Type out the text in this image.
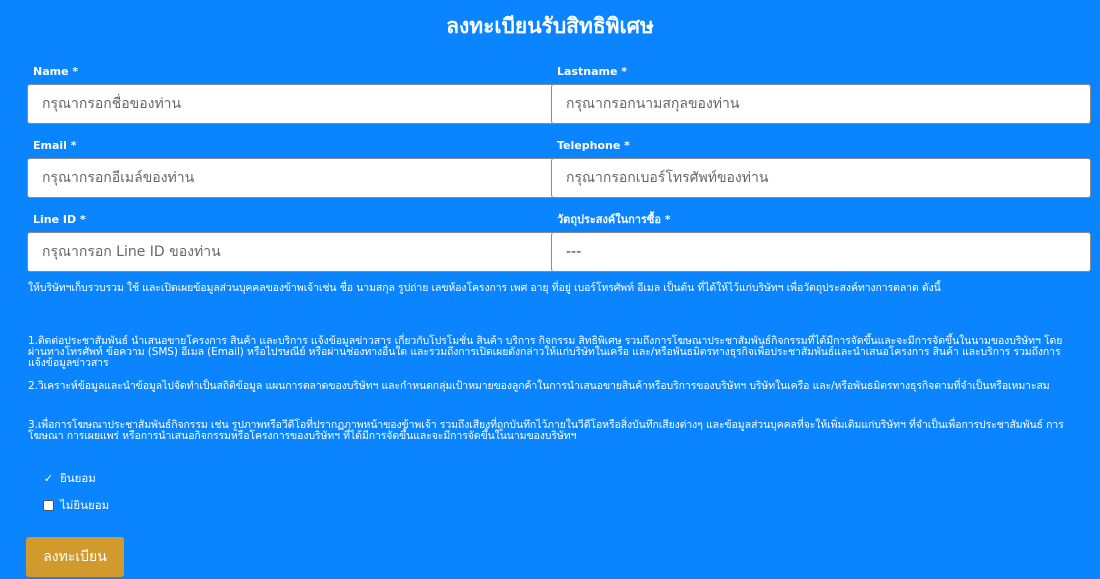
ลงทะเบียนรับสิทธิพิเศษ
Name *
กรุณากรอกชื่อของท่าน	Lastname *
กรุณากรอกนามสกุลของท่าน
Email *
กรุณากรอกอีเมล์ของท่าน	Telephone *
กรุณากรอกเบอร์โทรศัพท์ของท่าน
Line ID *
กรุณากรอก Line ID ของท่าน	วัตถุประสงค์ในการซื้อ *
---

ให้บริษัทฯเก็บรวบรวม ใช้ และเปิดเผยข้อมูลส่วนบุคคลของข้าพเจ้าเช่น ชื่อ นามสกุล รูปถ่าย เลขห้องโครงการ เพศ อายุ ที่อยู่ เบอร์โทรศัพท์ อีเมล เป็นต้น ที่ได้ให้ไว้แก่บริษัทฯ เพื่อวัตถุประสงค์ทางการตลาด ดังนี้

1.ติดต่อประชาสัมพันธ์ นำเสนอขายโครงการ สินค้า และบริการ แจ้งข้อมูลข่าวสาร เกี่ยวกับโปรโมชั่น สินค้า บริการ กิจกรรม สิทธิพิเศษ รวมถึงการโฆษณาประชาสัมพันธ์กิจกรรมที่ได้มีการจัดขึ้นและจะมีการจัดขึ้นในนามของบริษัทฯ โดยผ่านทางโทรศัพท์ ข้อความ (SMS) อีเมล (Email) หรือไปรษณีย์ หรือผ่านช่องทางอื่นใด และรวมถึงการเปิดเผยดังกล่าวให้แก่บริษัทในเครือ และ/หรือพันธมิตรทางธุรกิจเพื่อประชาสัมพันธ์และนำเสนอโครงการ สินค้า และบริการ รวมถึงการแจ้งข้อมูลข่าวสาร

2.วิเคราะห์ข้อมูลและนำข้อมูลไปจัดทำเป็นสถิติข้อมูล แผนการตลาดของบริษัทฯ และกำหนดกลุ่มเป้าหมายของลูกค้าในการนำเสนอขายสินค้าหรือบริการของบริษัทฯ บริษัทในเครือ และ/หรือพันธมิตรทางธุรกิจตามที่จำเป็นหรือเหมาะสม

3.เพื่อการโฆษณาประชาสัมพันธ์กิจกรรม เช่น รูปภาพหรือวีดีโอที่ปรากฏภาพหน้าของข้าพเจ้า รวมถึงเสียงที่ถูกบันทึกไว้ภายในวีดีโอหรือสิ่งบันทึกเสียงต่างๆ และข้อมูลส่วนบุคคลที่จะให้เพิ่มเติมแก่บริษัทฯ ที่จำเป็นเพื่อการประชาสัมพันธ์ การโฆษณา การเผยแพร่ หรือการนำเสนอกิจกรรมหรือโครงการของบริษัทฯ ที่ได้มีการจัดขึ้นและจะมีการจัดขึ้นในนามของบริษัทฯ

✓ ยินยอม
ไม่ยินยอม
ลงทะเบียน
